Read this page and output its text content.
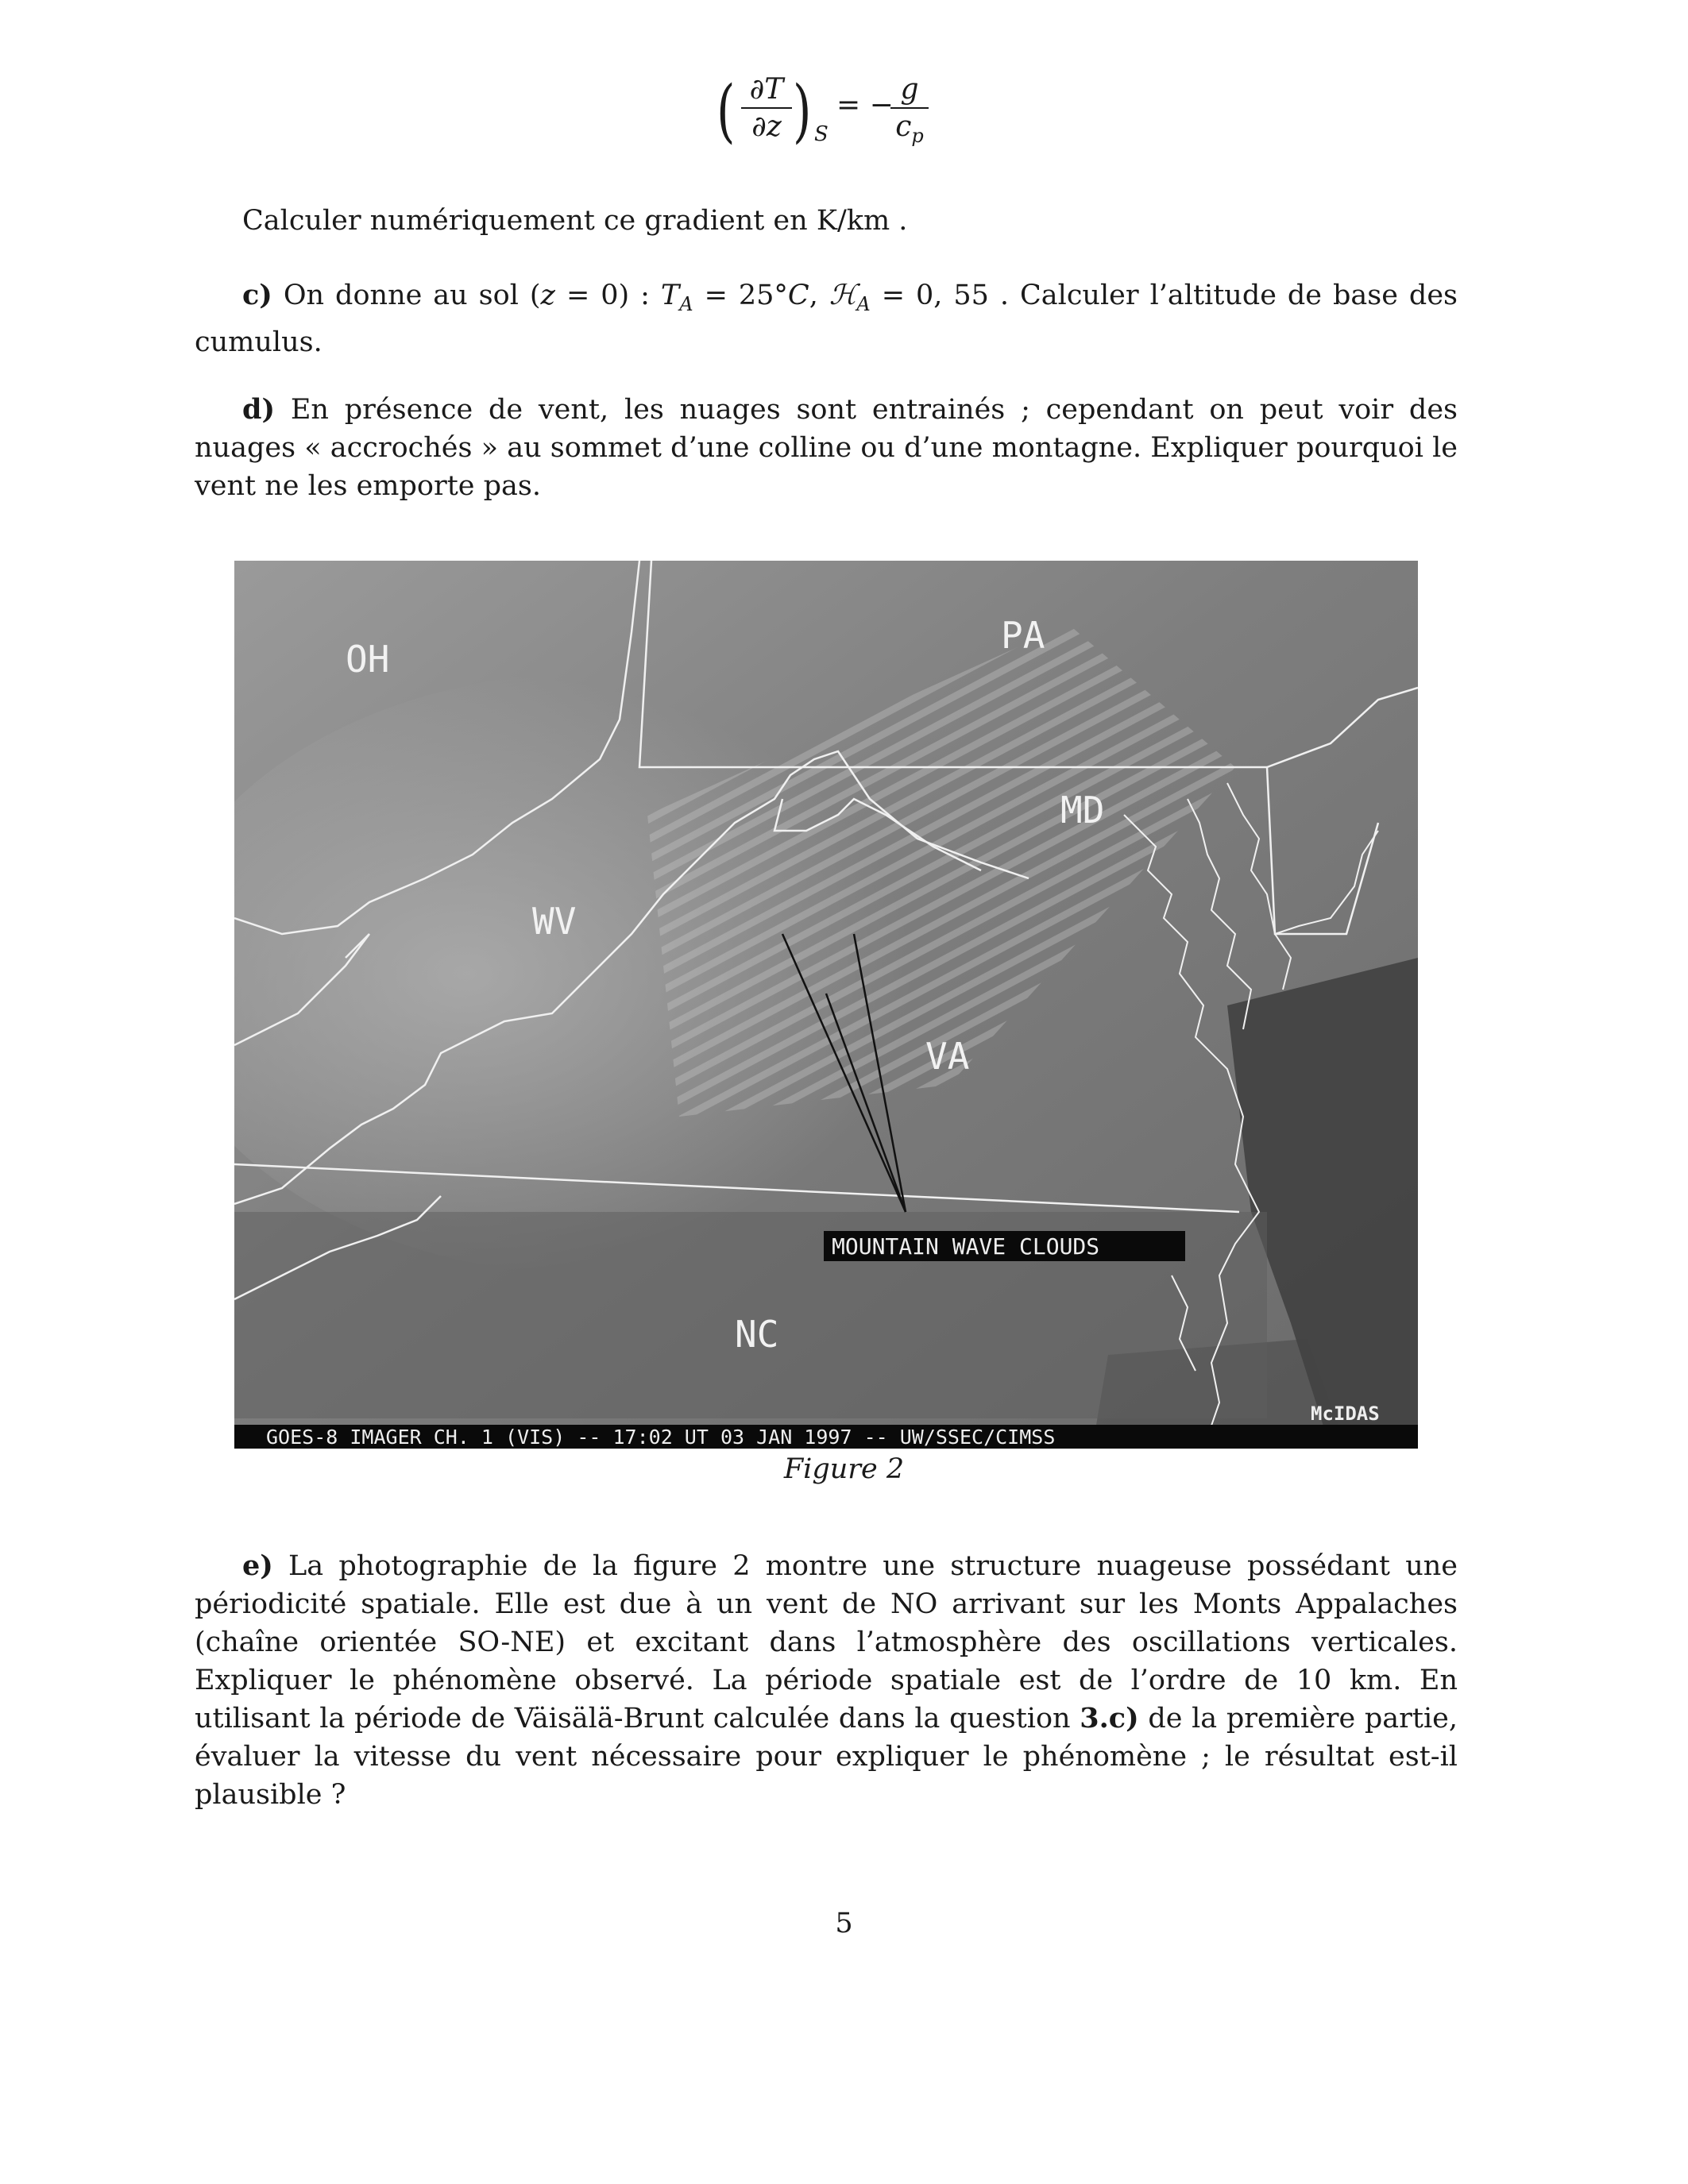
( ∂T
∂z ) S
= − g
$c_p$
Calculer numériquement ce gradient en K/km .
c) On donne au sol (z = 0) : $T_A = 25^\circ C$, ℋ$_A$ = 0, 55 . Calculer l’altitude de base des cumulus.
d) En présence de vent, les nuages sont entrainés ; cependant on peut voir des nuages « accrochés » au sommet d’une colline ou d’une montagne. Expliquer pourquoi le vent ne les emporte pas.
OH
PA
MD
WV
VA
NC
MOUNTAIN WAVE CLOUDS
McIDAS
GOES-8 IMAGER CH. 1 (VIS) -- 17:02 UT 03 JAN 1997 -- UW/SSEC/CIMSS
Figure 2
e) La photographie de la figure 2 montre une structure nuageuse possédant une périodicité spatiale. Elle est due à un vent de NO arrivant sur les Monts Appalaches (chaîne orientée SO-NE) et excitant dans l’atmosphère des oscillations verticales. Expliquer le phénomène observé. La période spatiale est de l’ordre de 10 km. En utilisant la période de Väisälä-Brunt calculée dans la question 3.c) de la première partie, évaluer la vitesse du vent nécessaire pour expliquer le phénomène ; le résultat est-il plausible ?
5
